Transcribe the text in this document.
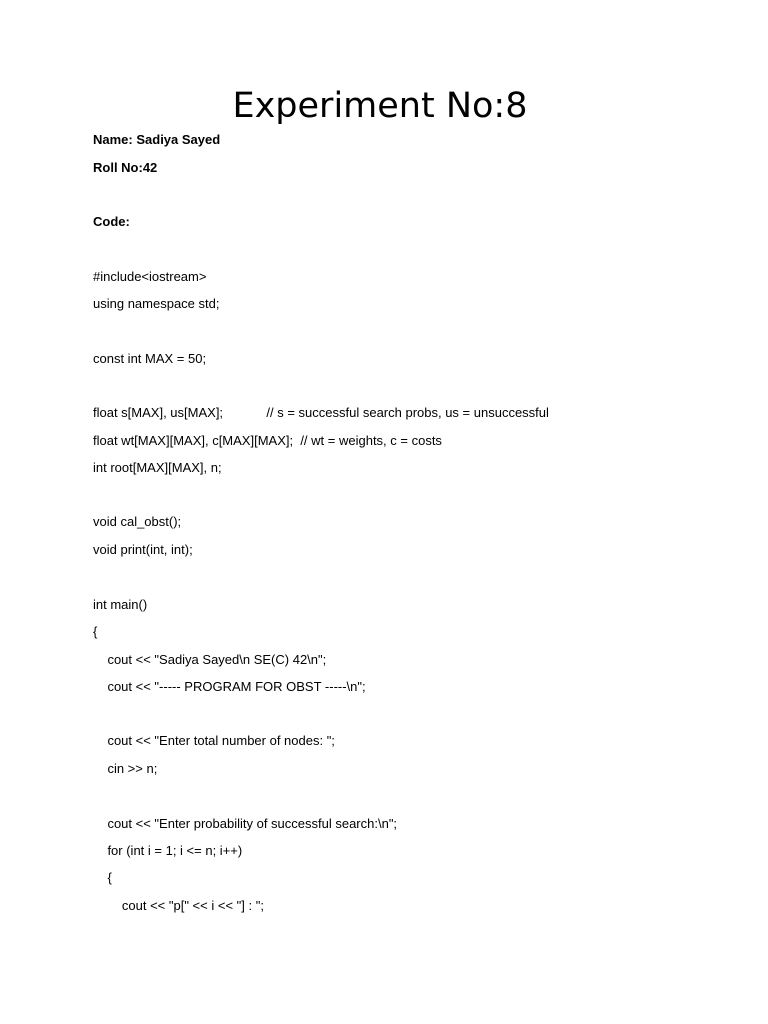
Experiment No:8

Name: Sadiya Sayed

Roll No:42

Code:

#include<iostream>

using namespace std;

const int MAX = 50;

float s[MAX], us[MAX];            // s = successful search probs, us = unsuccessful

float wt[MAX][MAX], c[MAX][MAX];  // wt = weights, c = costs

int root[MAX][MAX], n;

void cal_obst();

void print(int, int);

int main()

{

cout << "Sadiya Sayed\n SE(C) 42\n";

cout << "----- PROGRAM FOR OBST -----\n";

cout << "Enter total number of nodes: ";

cin >> n;

cout << "Enter probability of successful search:\n";

for (int i = 1; i <= n; i++)

{

cout << "p[" << i << "] : ";
